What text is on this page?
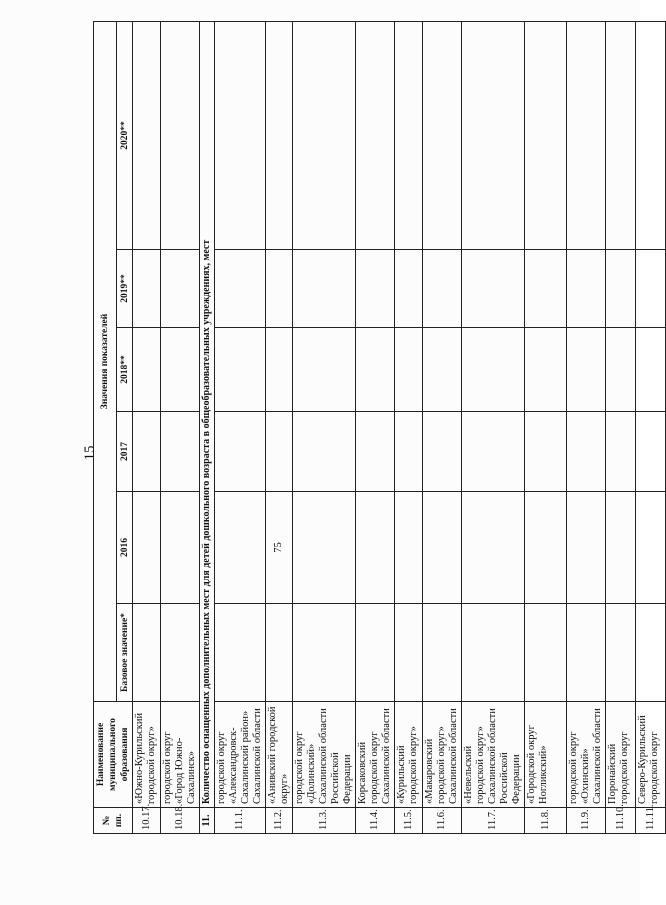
15
№ пп.	Наименование муниципального образования	Значения показателей					
		Базовое значение*	2016	2017	2018**	2019**	2020**
10.17.	«Южно-Курильский городской округ»						
10.18.	городской округ «Город Южно-Сахалинск»						
11.	Количество оснащенных дополнительных мест для детей дошкольного возраста в общеобразовательных учреждениях, мест						
11.1.	городской округ «Александровск-Сахалинский район» Сахалинской области						
11.2.	«Анивский городской округ»		75				
11.3.	городской округ «Долинский» Сахалинской области Российской Федерации						
11.4.	Корсаковский городской округ Сахалинской области						
11.5.	«Курильский городской округ»						
11.6.	«Макаровский городской округ» Сахалинской области						
11.7.	«Невельский городской округ» Сахалинской области Российской Федерации						
11.8.	«Городской округ Ногликский»						
11.9.	городской округ «Охинский» Сахалинской области						
11.10.	Поронайский городской округ						
11.11.	Северо-Курильский городской округ						
